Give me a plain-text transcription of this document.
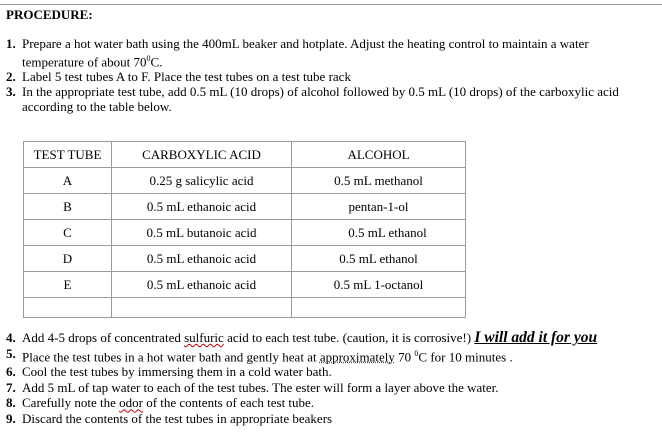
PROCEDURE:
1. Prepare a hot water bath using the 400mL beaker and hotplate. Adjust the heating control to maintain a water
temperature of about $70^0C$.
2. Label 5 test tubes A to F. Place the test tubes on a test tube rack
3. In the appropriate test tube, add 0.5 mL (10 drops) of alcohol followed by 0.5 mL (10 drops) of the carboxylic acid
according to the table below.
TEST TUBE	CARBOXYLIC ACID	ALCOHOL
A	0.25 g salicylic acid	0.5 mL methanol
B	0.5 mL ethanoic acid	pentan-1-ol
C	0.5 mL butanoic acid	0.5 mL ethanol
D	0.5 mL ethanoic acid	0.5 mL ethanol
E	0.5 mL ethanoic acid	0.5 mL 1-octanol

4. Add 4-5 drops of concentrated sulfuric acid to each test tube. (caution, it is corrosive!) I will add it for you
5. Place the test tubes in a hot water bath and gently heat at approximately 70 $^0$C for 10 minutes .
6. Cool the test tubes by immersing them in a cold water bath.
7. Add 5 mL of tap water to each of the test tubes. The ester will form a layer above the water.
8. Carefully note the odor of the contents of each test tube.
9. Discard the contents of the test tubes in appropriate beakers
